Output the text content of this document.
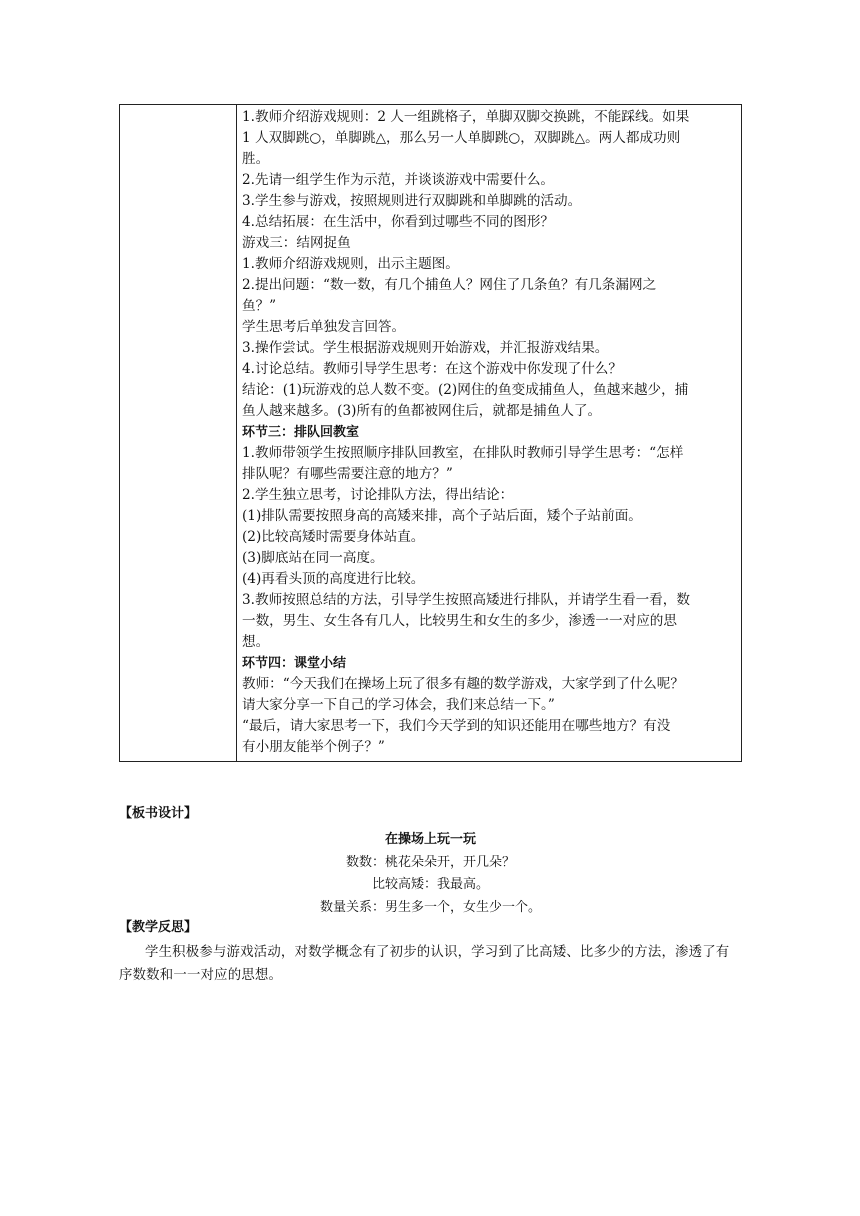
1.教师介绍游戏规则：2 人一组跳格子，单脚双脚交换跳，不能踩线。如果
1 人双脚跳○，单脚跳△，那么另一人单脚跳○，双脚跳△。两人都成功则
胜。
2.先请一组学生作为示范，并谈谈游戏中需要什么。
3.学生参与游戏，按照规则进行双脚跳和单脚跳的活动。
4.总结拓展：在生活中，你看到过哪些不同的图形？
游戏三：结网捉鱼
1.教师介绍游戏规则，出示主题图。
2.提出问题：“数一数，有几个捕鱼人？网住了几条鱼？有几条漏网之
鱼？”
学生思考后单独发言回答。
3.操作尝试。学生根据游戏规则开始游戏，并汇报游戏结果。
4.讨论总结。教师引导学生思考：在这个游戏中你发现了什么？
结论：(1)玩游戏的总人数不变。(2)网住的鱼变成捕鱼人，鱼越来越少，捕
鱼人越来越多。(3)所有的鱼都被网住后，就都是捕鱼人了。
环节三：排队回教室
1.教师带领学生按照顺序排队回教室，在排队时教师引导学生思考：“怎样
排队呢？有哪些需要注意的地方？”
2.学生独立思考，讨论排队方法，得出结论：
(1)排队需要按照身高的高矮来排，高个子站后面，矮个子站前面。
(2)比较高矮时需要身体站直。
(3)脚底站在同一高度。
(4)再看头顶的高度进行比较。
3.教师按照总结的方法，引导学生按照高矮进行排队，并请学生看一看，数
一数，男生、女生各有几人，比较男生和女生的多少，渗透一一对应的思
想。
环节四：课堂小结
教师：“今天我们在操场上玩了很多有趣的数学游戏，大家学到了什么呢？
请大家分享一下自己的学习体会，我们来总结一下。”
“最后，请大家思考一下，我们今天学到的知识还能用在哪些地方？有没
有小朋友能举个例子？”
【板书设计】
在操场上玩一玩
数数：桃花朵朵开，开几朵？
比较高矮：我最高。
数量关系：男生多一个，女生少一个。
【教学反思】
学生积极参与游戏活动，对数学概念有了初步的认识，学习到了比高矮、比多少的方法，渗透了有序数数和一一对应的思想。
